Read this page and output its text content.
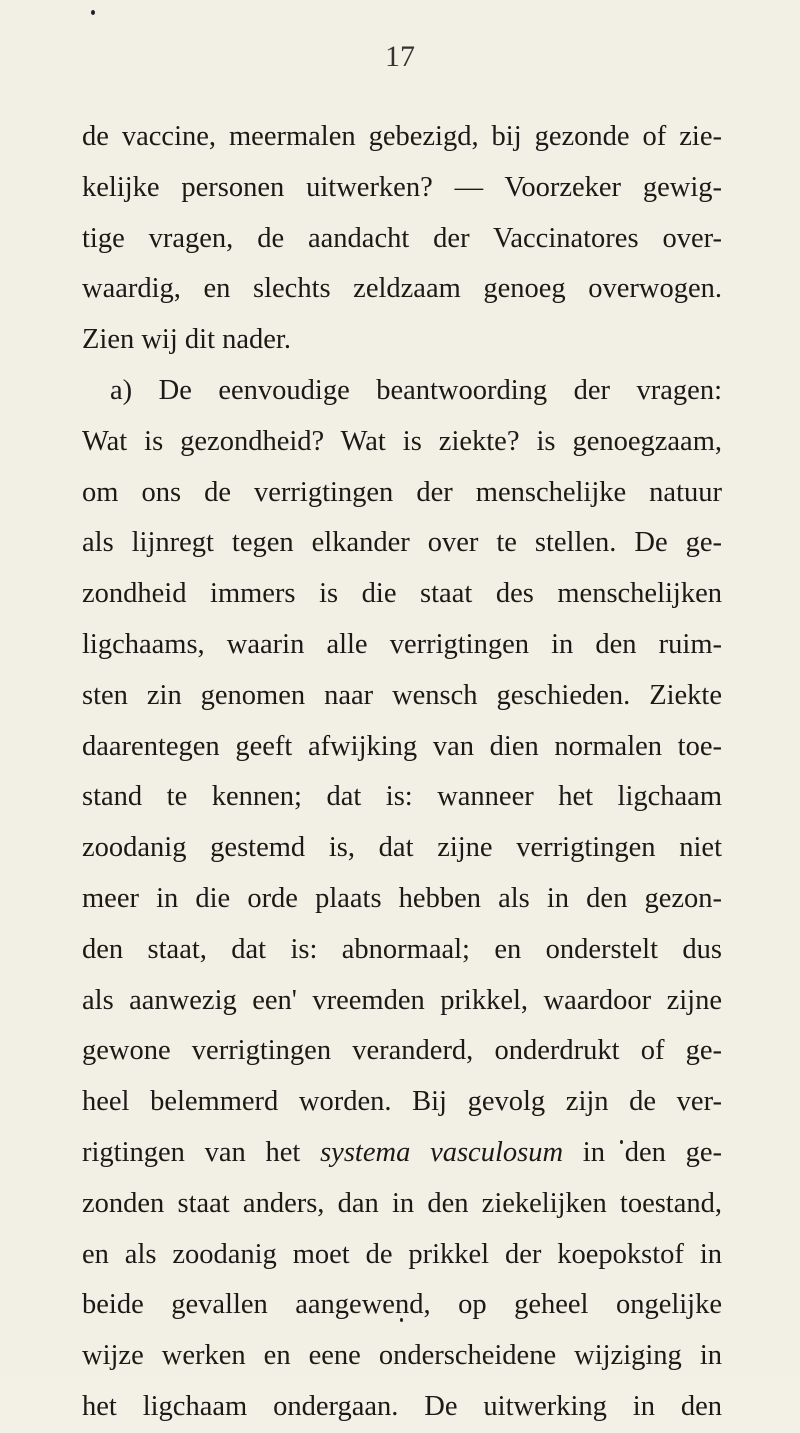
17
de vaccine, meermalen gebezigd, bij gezonde of zie-
kelijke personen uitwerken? — Voorzeker gewig-
tige vragen, de aandacht der Vaccinatores over-
waardig, en slechts zeldzaam genoeg overwogen.
Zien wij dit nader.
a) De eenvoudige beantwoording der vragen:
Wat is gezondheid? Wat is ziekte? is genoegzaam,
om ons de verrigtingen der menschelijke natuur
als lijnregt tegen elkander over te stellen. De ge-
zondheid immers is die staat des menschelijken
ligchaams, waarin alle verrigtingen in den ruim-
sten zin genomen naar wensch geschieden. Ziekte
daarentegen geeft afwijking van dien normalen toe-
stand te kennen; dat is: wanneer het ligchaam
zoodanig gestemd is, dat zijne verrigtingen niet
meer in die orde plaats hebben als in den gezon-
den staat, dat is: abnormaal; en onderstelt dus
als aanwezig een' vreemden prikkel, waardoor zijne
gewone verrigtingen veranderd, onderdrukt of ge-
heel belemmerd worden. Bij gevolg zijn de ver-
rigtingen van het systema vasculosum in den ge-
zonden staat anders, dan in den ziekelijken toestand,
en als zoodanig moet de prikkel der koepokstof in
beide gevallen aangewend, op geheel ongelijke
wijze werken en eene onderscheidene wijziging in
het ligchaam ondergaan. De uitwerking in den
